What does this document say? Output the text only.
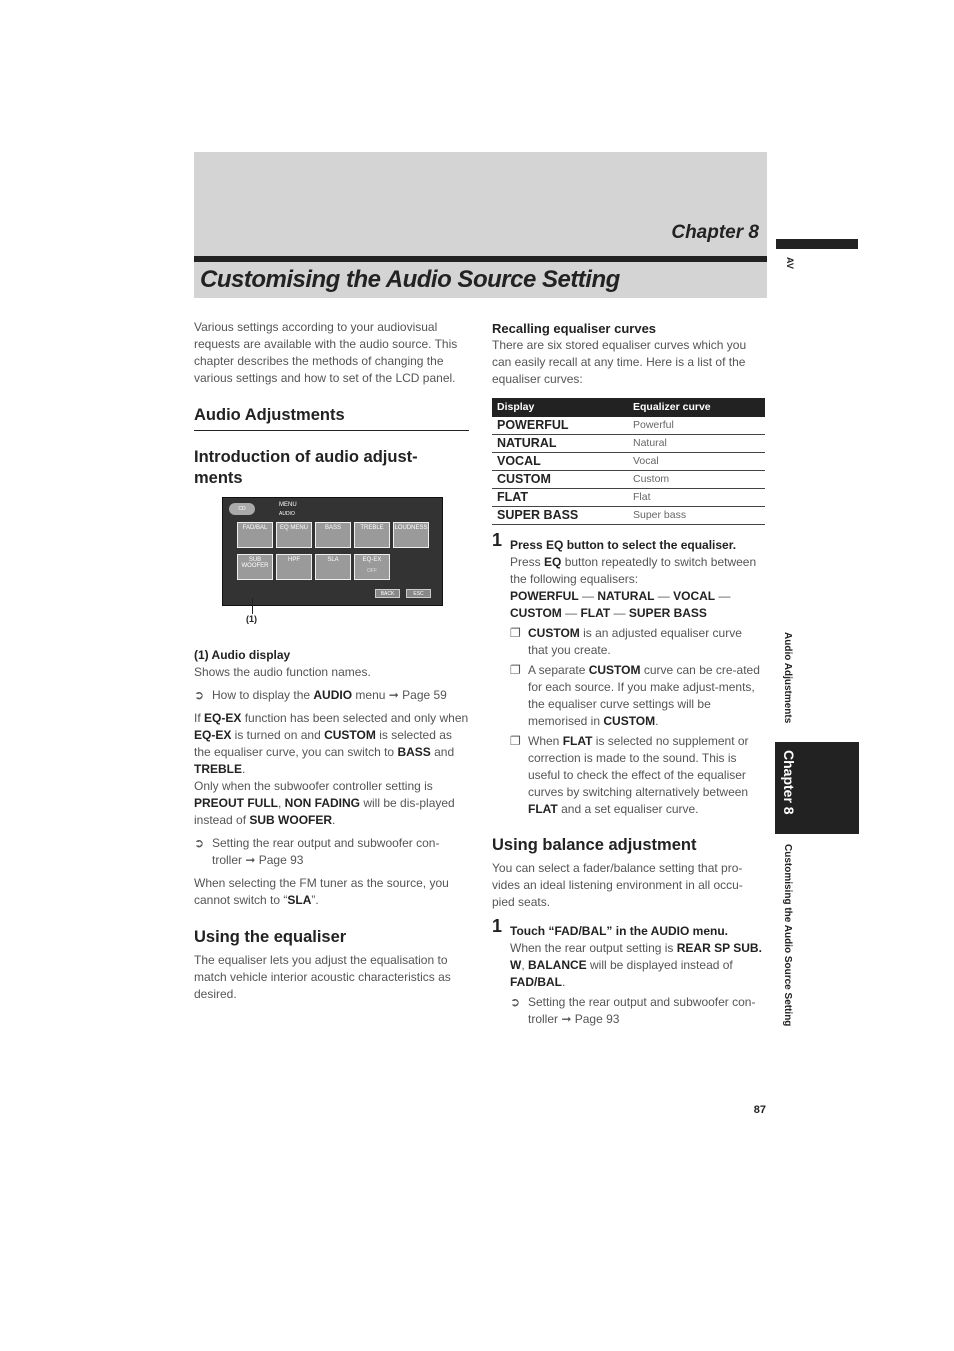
Chapter 8
Customising the Audio Source Setting
AV
Audio Adjustments
Chapter 8
Customising the Audio Source Setting

Various settings according to your audiovisual requests are available with the audio source. This chapter describes the methods of changing the various settings and how to set of the LCD panel.

Audio Adjustments
Introduction of audio adjust-ments
CD
MENU
AUDIO
FAD/BAL	EQ MENU	BASS	TREBLE	LOUDNESS
SUB WOOFER
HPF	SLA	EQ-EX
OFF
BACK	ESC
(1)
(1) Audio display

Shows the audio function names.

➲ How to display the AUDIO menu ➞ Page 59

If EQ-EX function has been selected and only when EQ-EX is turned on and CUSTOM is selected as the equaliser curve, you can switch to BASS and TREBLE.

Only when the subwoofer controller setting is PREOUT FULL, NON FADING will be dis-played instead of SUB WOOFER.

➲ Setting the rear output and subwoofer con-troller ➞ Page 93

When selecting the FM tuner as the source, you cannot switch to “SLA”.

Using the equaliser

The equaliser lets you adjust the equalisation to match vehicle interior acoustic characteristics as desired.

Recalling equaliser curves

There are six stored equaliser curves which you can easily recall at any time. Here is a list of the equaliser curves:

Display	Equalizer curve
POWERFUL	Powerful
NATURAL	Natural
VOCAL	Vocal
CUSTOM	Custom
FLAT	Flat
SUPER BASS	Super bass
1 Press EQ button to select the equaliser.

Press EQ button repeatedly to switch between the following equalisers:

POWERFUL — NATURAL — VOCAL —
CUSTOM — FLAT — SUPER BASS

❐ CUSTOM is an adjusted equaliser curve that you create.

❐ A separate CUSTOM curve can be cre-ated for each source. If you make adjust-ments, the equaliser curve settings will be memorised in CUSTOM.

❐ When FLAT is selected no supplement or correction is made to the sound. This is useful to check the effect of the equaliser curves by switching alternatively between FLAT and a set equaliser curve.

Using balance adjustment

You can select a fader/balance setting that pro-vides an ideal listening environment in all occu-pied seats.

1 Touch “FAD/BAL” in the AUDIO menu.

When the rear output setting is REAR SP SUB. W, BALANCE will be displayed instead of FAD/BAL.

➲ Setting the rear output and subwoofer con-troller ➞ Page 93

87
